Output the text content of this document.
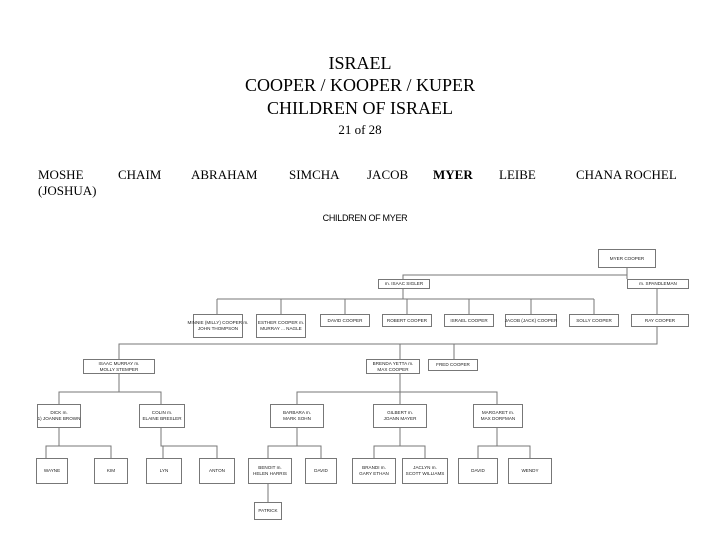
ISRAEL
COOPER / KOOPER / KUPER
CHILDREN OF ISRAEL
21 of 28
MOSHE
(JOSHUA)
CHAIM ABRAHAM SIMCHA JACOB MYER LEIBE	CHANA ROCHEL
CHILDREN OF MYER
MYER COOPER
m. ISAAC SIGLER	m. SPANDLEMAN
MINNIE (MILLY) COOPER m.
JOHN THOMPSON
ESTHER COOPER m.
MURRAY ... NAGLE
DAVID COOPER	ROBERT COOPER	ISRAEL COOPER	JACOB (JACK) COOPER	SOLLY COOPER	RAY COOPER
ISAAC MURRAY m.
MOLLY STEMPER
BRENDA YETTA m.
MAX COOPER
FRED COOPER
DICK m.
1) JOANNE BROWN
COLIN m.
ELAINE BRESLER
BARBARA m.
MARK SOHN
GILBERT m.
JOANN MAYER
MARGARET m.
MAX DORFMAN
WAYNE	KIM	LYN	ANTON
BENOIT m.
HELEN HARRIS
DAVID
BRANDI m.
GARY ETHAN
JACLYN m.
SCOTT WILLIAMS
DAVID	WENDY
PATRICK
